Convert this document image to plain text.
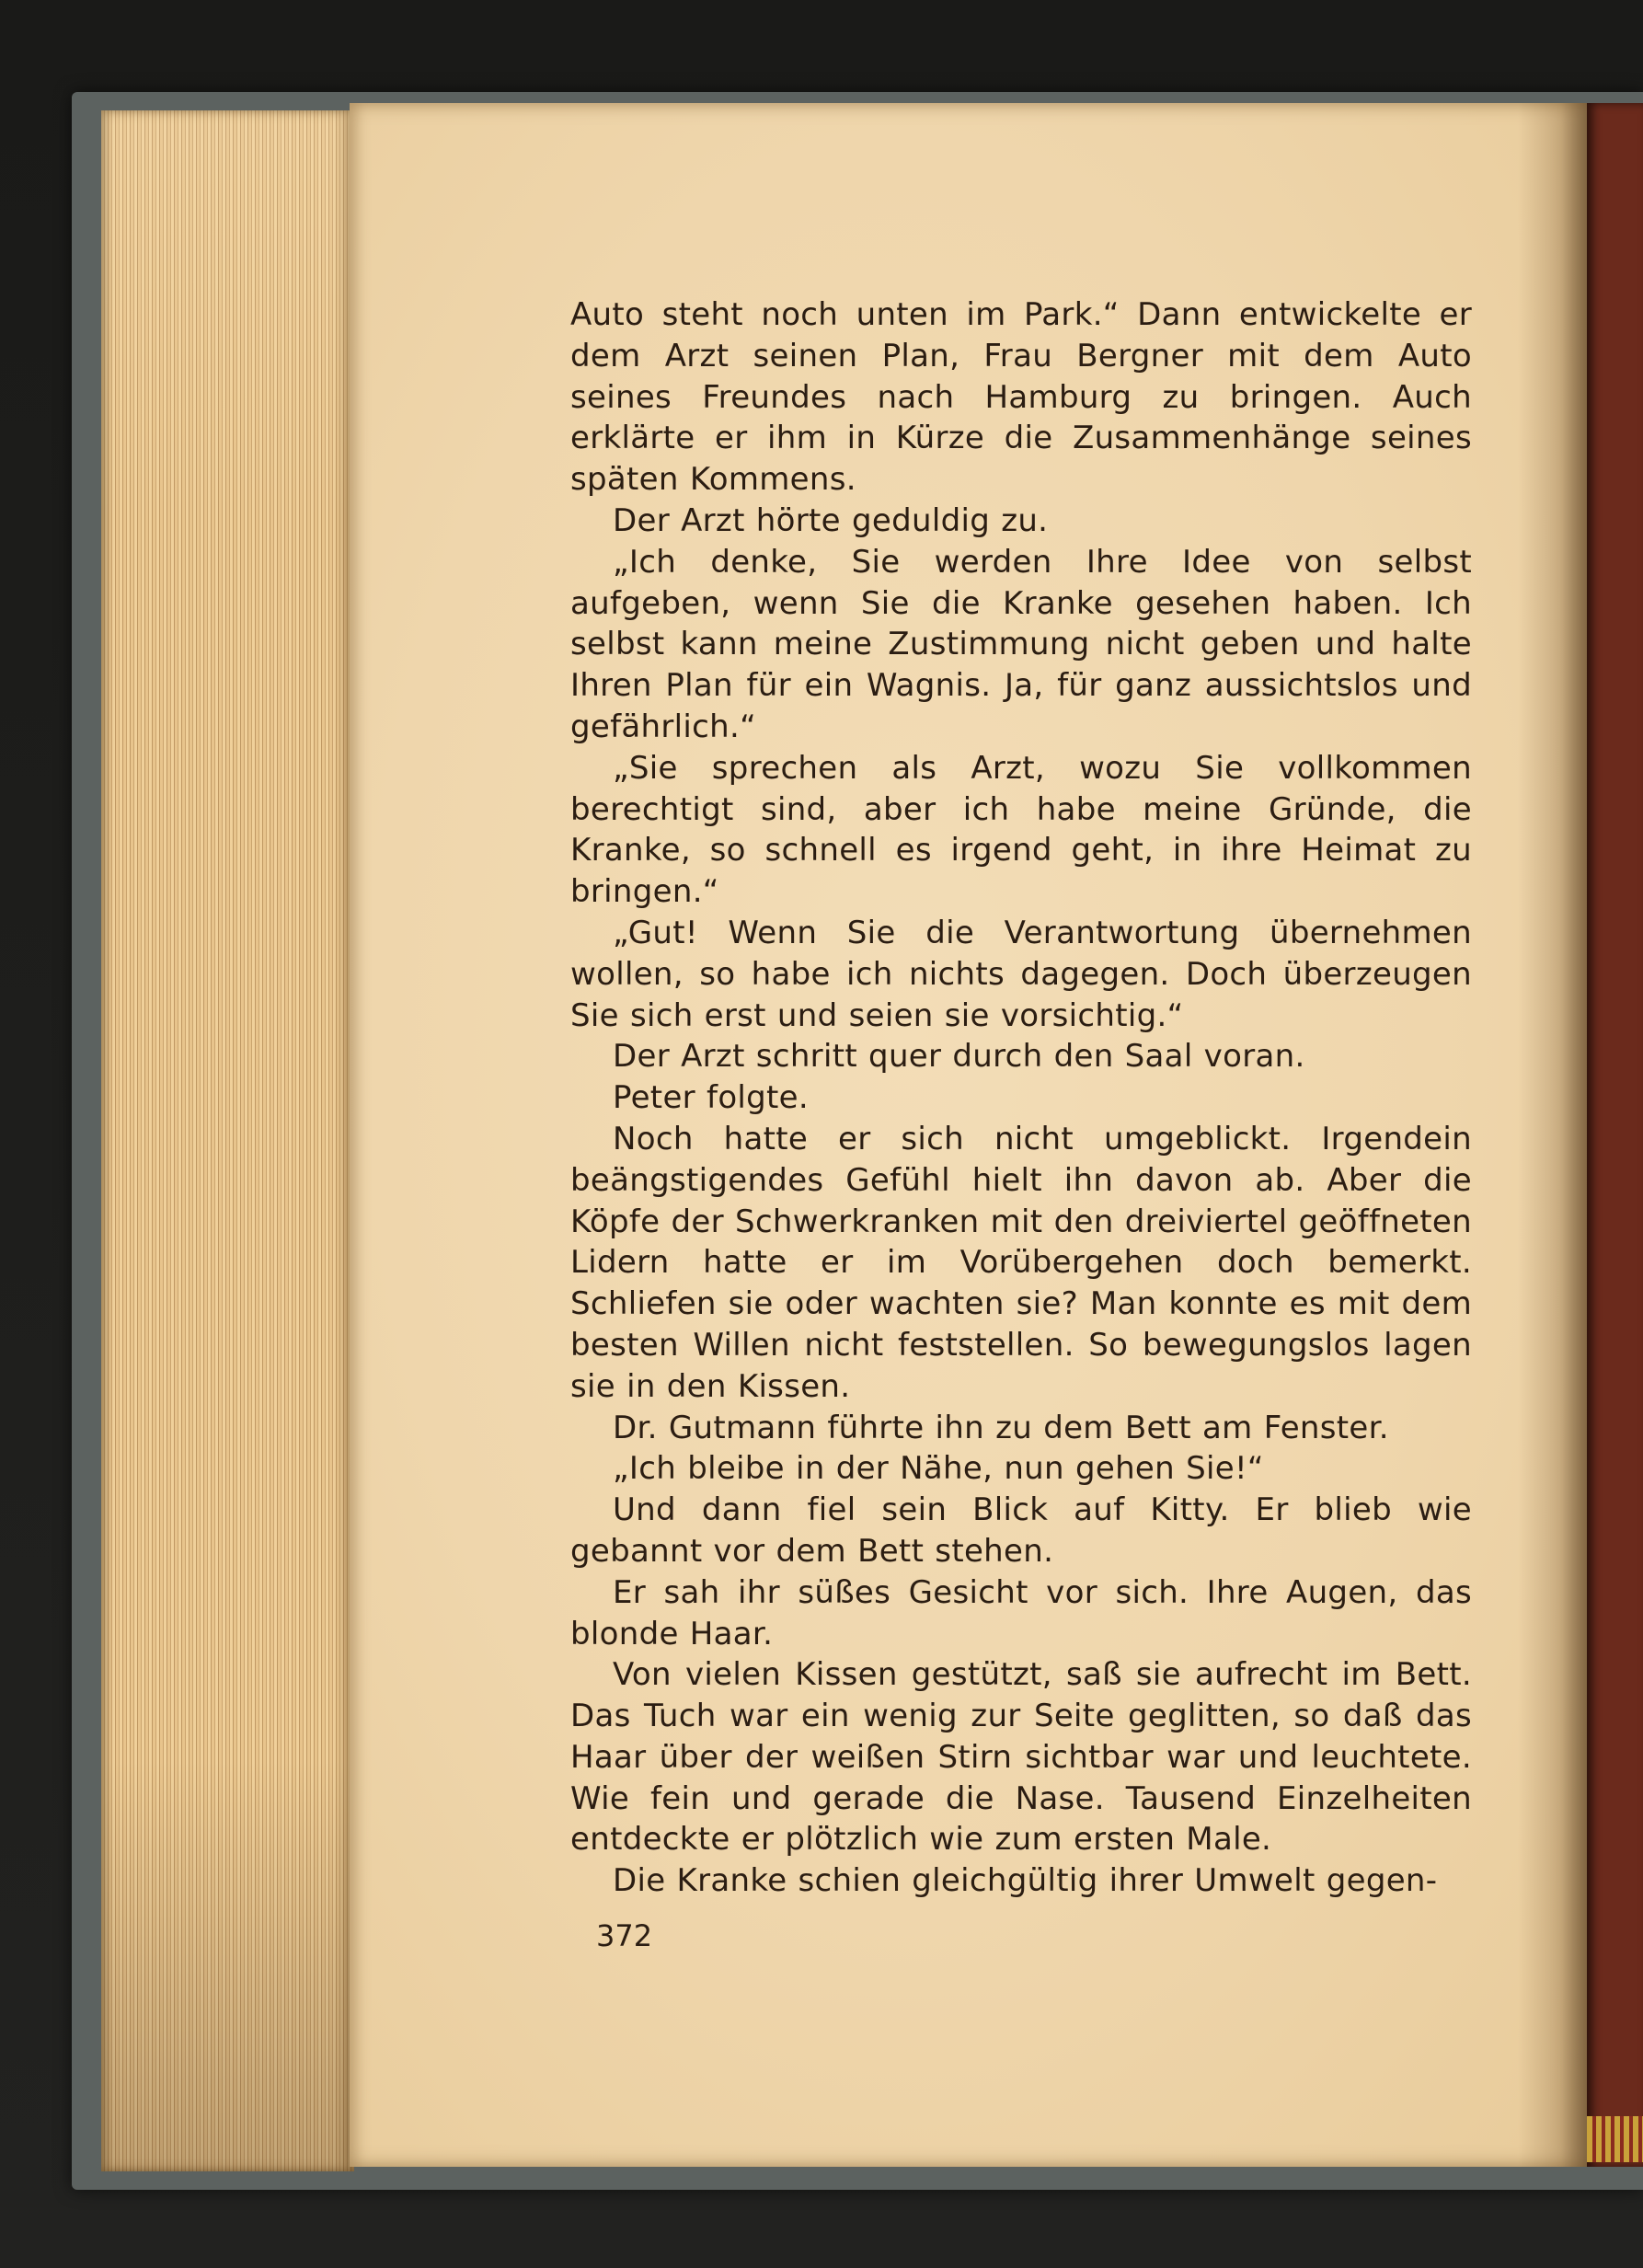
Auto steht noch unten im Park.“ Dann entwickelte er dem Arzt seinen Plan, Frau Bergner mit dem Auto seines Freundes nach Hamburg zu bringen. Auch erklärte er ihm in Kürze die Zusammenhänge seines späten Kommens.

Der Arzt hörte geduldig zu.

„Ich denke, Sie werden Ihre Idee von selbst aufgeben, wenn Sie die Kranke gesehen haben. Ich selbst kann meine Zustimmung nicht geben und halte Ihren Plan für ein Wagnis. Ja, für ganz aussichtslos und gefährlich.“

„Sie sprechen als Arzt, wozu Sie vollkommen berechtigt sind, aber ich habe meine Gründe, die Kranke, so schnell es irgend geht, in ihre Heimat zu bringen.“

„Gut! Wenn Sie die Verantwortung übernehmen wollen, so habe ich nichts dagegen. Doch überzeugen Sie sich erst und seien sie vorsichtig.“

Der Arzt schritt quer durch den Saal voran.

Peter folgte.

Noch hatte er sich nicht umgeblickt. Irgendein beängstigendes Gefühl hielt ihn davon ab. Aber die Köpfe der Schwerkranken mit den dreiviertel geöffneten Lidern hatte er im Vorübergehen doch bemerkt. Schliefen sie oder wachten sie? Man konnte es mit dem besten Willen nicht feststellen. So bewegungslos lagen sie in den Kissen.

Dr. Gutmann führte ihn zu dem Bett am Fenster.

„Ich bleibe in der Nähe, nun gehen Sie!“

Und dann fiel sein Blick auf Kitty. Er blieb wie gebannt vor dem Bett stehen.

Er sah ihr süßes Gesicht vor sich. Ihre Augen, das blonde Haar.

Von vielen Kissen gestützt, saß sie aufrecht im Bett. Das Tuch war ein wenig zur Seite geglitten, so daß das Haar über der weißen Stirn sichtbar war und leuchtete. Wie fein und gerade die Nase. Tausend Einzelheiten entdeckte er plötzlich wie zum ersten Male.

Die Kranke schien gleichgültig ihrer Umwelt gegen-

372
